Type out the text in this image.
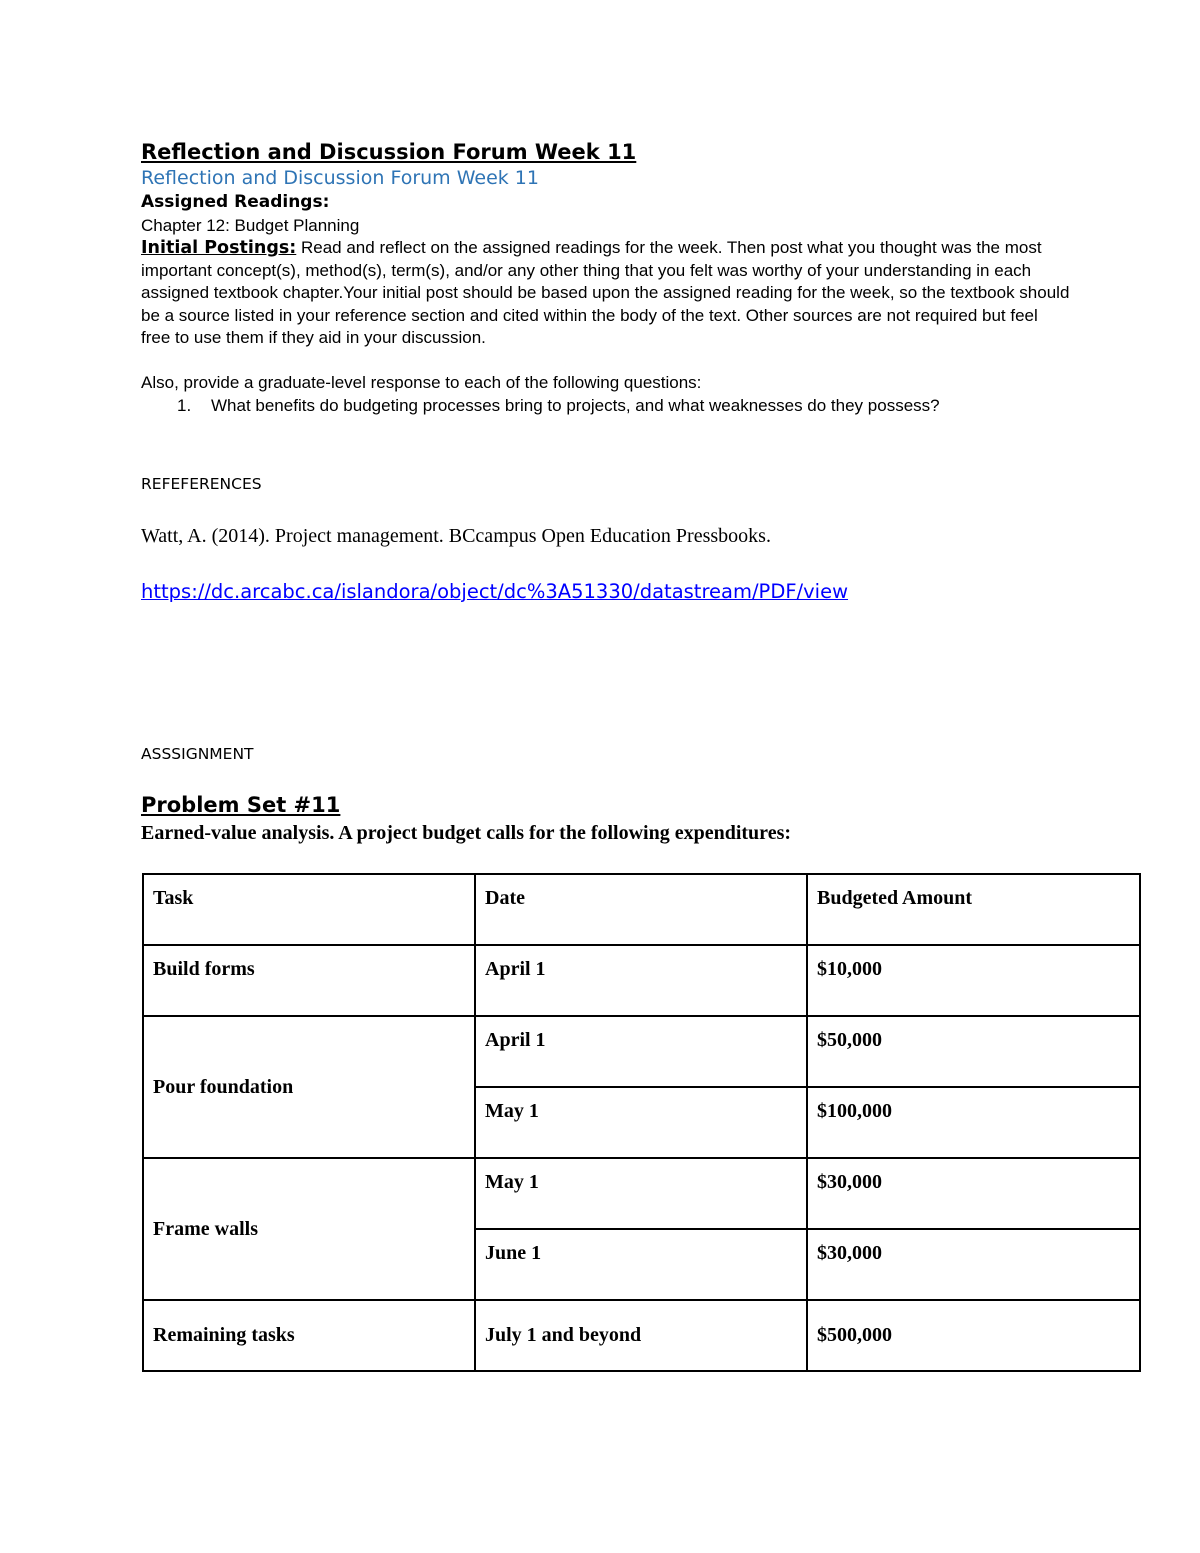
Reflection and Discussion Forum Week 11
Reflection and Discussion Forum Week 11
Assigned Readings:
Chapter 12: Budget Planning
Initial Postings: Read and reflect on the assigned readings for the week. Then post what you thought was the most important concept(s), method(s), term(s), and/or any other thing that you felt was worthy of your understanding in each assigned textbook chapter.Your initial post should be based upon the assigned reading for the week, so the textbook should be a source listed in your reference section and cited within the body of the text. Other sources are not required but feel free to use them if they aid in your discussion.
Also, provide a graduate-level response to each of the following questions:
1. What benefits do budgeting processes bring to projects, and what weaknesses do they possess?
REFEFERENCES
Watt, A. (2014). Project management. BCcampus Open Education Pressbooks.
https://dc.arcabc.ca/islandora/object/dc%3A51330/datastream/PDF/view
ASSSIGNMENT
Problem Set #11
Earned-value analysis. A project budget calls for the following expenditures:
Task	Date	Budgeted Amount

Build forms	April 1	$10,000

Pour foundation	April 1	$50,000

	May 1	$100,000

Frame walls	May 1	$30,000

	June 1	$30,000

Remaining tasks	July 1 and beyond	$500,000
